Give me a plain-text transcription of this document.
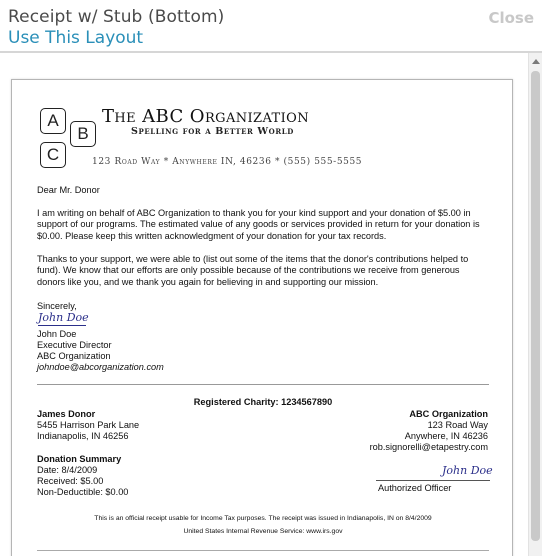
Receipt w/ Stub (Bottom)
Use This Layout
Close
A
B
C
The ABC Organization
Spelling for a Better World
123 Road Way * Anywhere IN, 46236 * (555) 555-5555
Dear Mr. Donor
I am writing on behalf of ABC Organization to thank you for your kind support and your donation of $5.00 in support of our programs. The estimated value of any goods or services provided in return for your donation is $0.00. Please keep this written acknowledgment of your donation for your tax records.
Thanks to your support, we were able to (list out some of the items that the donor's contributions helped to fund). We know that our efforts are only possible because of the contributions we receive from generous donors like you, and we thank you again for believing in and supporting our mission.
Sincerely,
John Doe
John Doe
Executive Director
ABC Organization
johndoe@abcorganization.com
Registered Charity: 1234567890
James Donor
5455 Harrison Park Lane
Indianapolis, IN 46256
ABC Organization
123 Road Way
Anywhere, IN 46236
rob.signorelli@etapestry.com
Donation Summary
Date: 8/4/2009
Received: $5.00
Non-Deductible: $0.00
John Doe
Authorized Officer
This is an official receipt usable for Income Tax purposes. The receipt was issued in Indianapolis, IN on 8/4/2009
United States Internal Revenue Service: www.irs.gov
